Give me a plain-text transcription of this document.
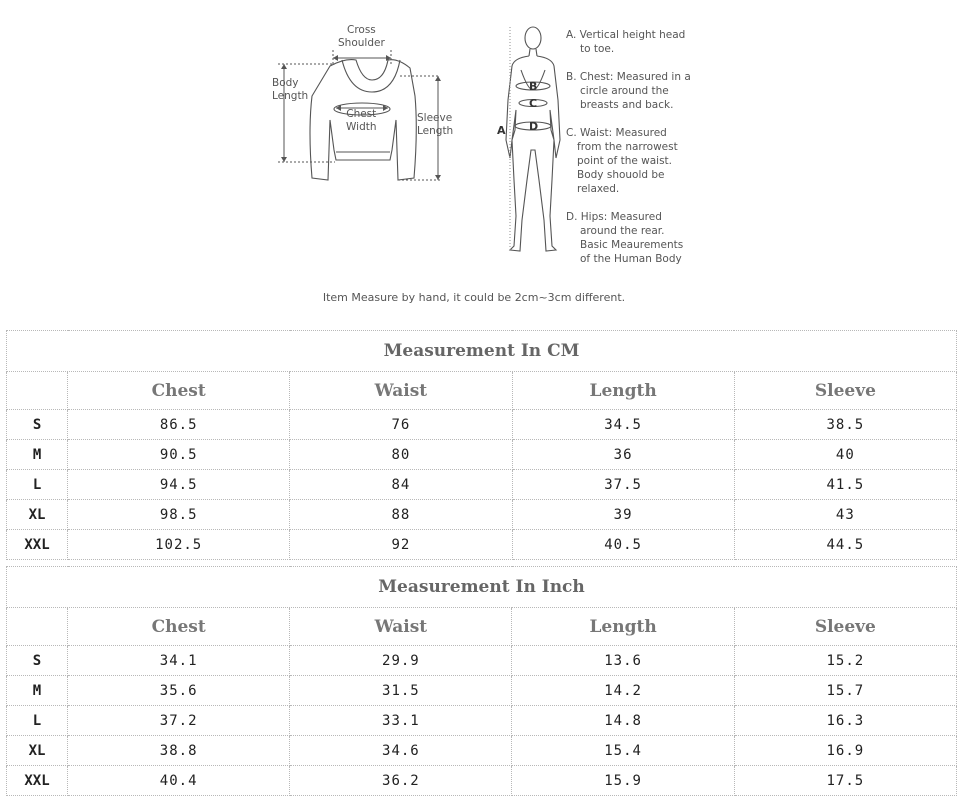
Cross
Shoulder
Body
Length
Chest
Width
Sleeve
Length
B
C
D
A
A. Vertical height head
to toe.
B. Chest: Measured in a
circle around the
breasts and back.
C. Waist: Measured
from the narrowest
point of the waist.
Body shouold be
relaxed.
D. Hips: Measured
around the rear.
Basic Meaurements
of the Human Body
Item Measure by hand, it could be 2cm~3cm different.
Measurement In CM				
	Chest	Waist	Length	Sleeve
S	86.5	76	34.5	38.5
M	90.5	80	36	40
L	94.5	84	37.5	41.5
XL	98.5	88	39	43
XXL	102.5	92	40.5	44.5
Measurement In Inch				
	Chest	Waist	Length	Sleeve
S	34.1	29.9	13.6	15.2
M	35.6	31.5	14.2	15.7
L	37.2	33.1	14.8	16.3
XL	38.8	34.6	15.4	16.9
XXL	40.4	36.2	15.9	17.5
